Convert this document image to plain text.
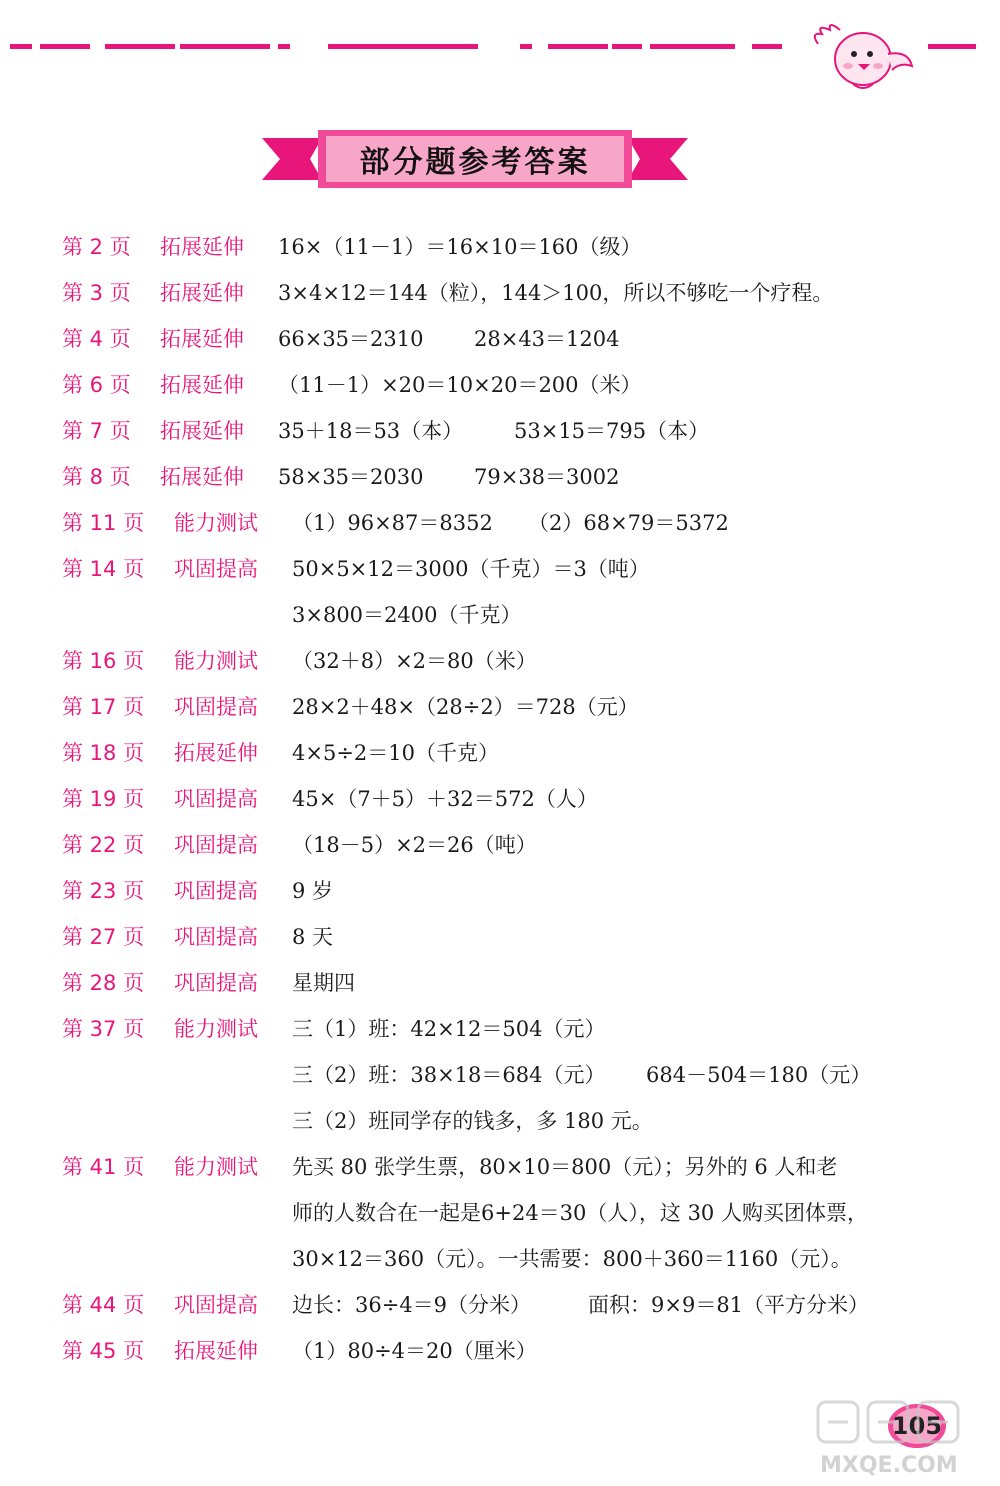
部分题参考答案
第 2 页 拓展延伸 16×（11－1）＝16×10＝160（级）
第 3 页 拓展延伸 3×4×12＝144（粒），144＞100，所以不够吃一个疗程。
第 4 页 拓展延伸 66×35＝2310 28×43＝1204
第 6 页 拓展延伸 （11－1）×20＝10×20＝200（米）
第 7 页 拓展延伸 35＋18＝53（本） 53×15＝795（本）
第 8 页 拓展延伸 58×35＝2030 79×38＝3002
第 11 页 能力测试 （1）96×87＝8352 （2）68×79＝5372
第 14 页 巩固提高 50×5×12＝3000（千克）＝3（吨）
3×800＝2400（千克）
第 16 页 能力测试 （32＋8）×2＝80（米）
第 17 页 巩固提高 28×2＋48×（28÷2）＝728（元）
第 18 页 拓展延伸 4×5÷2＝10（千克）
第 19 页 巩固提高 45×（7＋5）＋32＝572（人）
第 22 页 巩固提高 （18－5）×2＝26（吨）
第 23 页 巩固提高 9 岁
第 27 页 巩固提高 8 天
第 28 页 巩固提高 星期四
第 37 页 能力测试 三（1）班：42×12＝504（元）
三（2）班：38×18＝684（元） 684－504＝180（元）
三（2）班同学存的钱多，多 180 元。
第 41 页 能力测试 先买 80 张学生票，80×10＝800（元）；另外的 6 人和老
师的人数合在一起是6+24＝30（人），这 30 人购买团体票，
30×12＝360（元）。一共需要：800＋360＝1160（元）。
第 44 页 巩固提高 边长：36÷4＝9（分米）	面积：9×9＝81（平方分米）
第 45 页 拓展延伸 （1）80÷4＝20（厘米）
105
MXQE.COM
